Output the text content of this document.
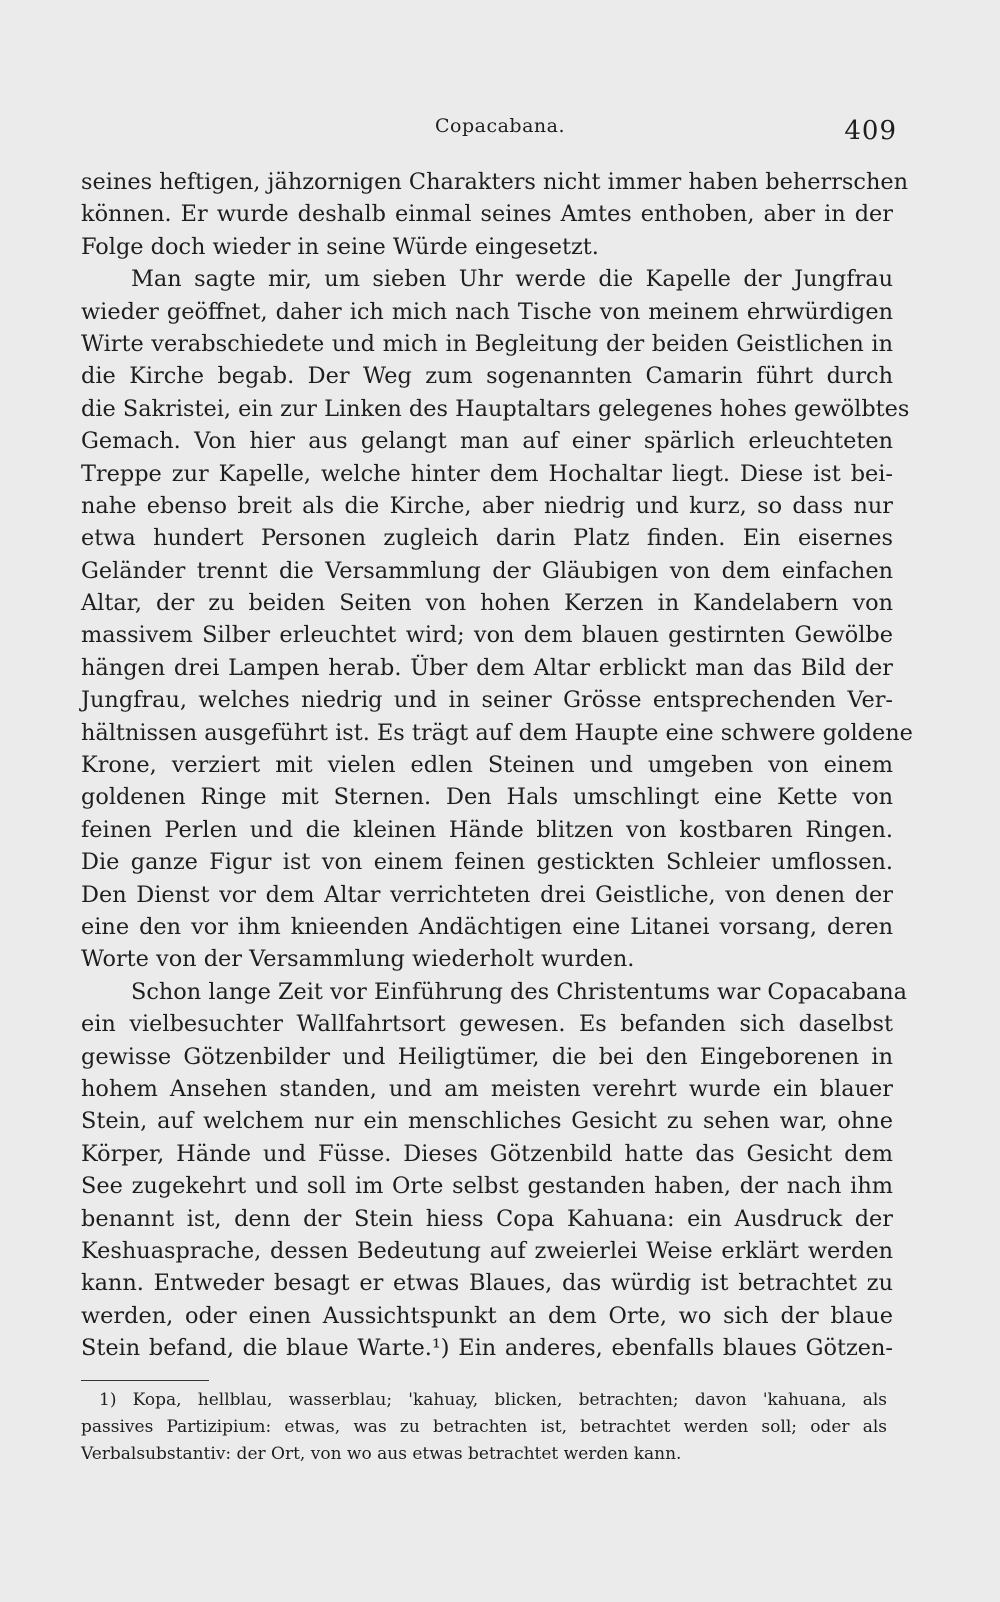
Copacabana.	409
seines heftigen, jähzornigen Charakters nicht immer haben beherrschen
können. Er wurde deshalb einmal seines Amtes enthoben, aber in der
Folge doch wieder in seine Würde eingesetzt.
Man sagte mir, um sieben Uhr werde die Kapelle der Jungfrau
wieder geöffnet, daher ich mich nach Tische von meinem ehrwürdigen
Wirte verabschiedete und mich in Begleitung der beiden Geistlichen in
die Kirche begab. Der Weg zum sogenannten Camarin führt durch
die Sakristei, ein zur Linken des Hauptaltars gelegenes hohes gewölbtes
Gemach. Von hier aus gelangt man auf einer spärlich erleuchteten
Treppe zur Kapelle, welche hinter dem Hochaltar liegt. Diese ist bei-
nahe ebenso breit als die Kirche, aber niedrig und kurz, so dass nur
etwa hundert Personen zugleich darin Platz finden. Ein eisernes
Geländer trennt die Versammlung der Gläubigen von dem einfachen
Altar, der zu beiden Seiten von hohen Kerzen in Kandelabern von
massivem Silber erleuchtet wird; von dem blauen gestirnten Gewölbe
hängen drei Lampen herab. Über dem Altar erblickt man das Bild der
Jungfrau, welches niedrig und in seiner Grösse entsprechenden Ver-
hältnissen ausgeführt ist. Es trägt auf dem Haupte eine schwere goldene
Krone, verziert mit vielen edlen Steinen und umgeben von einem
goldenen Ringe mit Sternen. Den Hals umschlingt eine Kette von
feinen Perlen und die kleinen Hände blitzen von kostbaren Ringen.
Die ganze Figur ist von einem feinen gestickten Schleier umflossen.
Den Dienst vor dem Altar verrichteten drei Geistliche, von denen der
eine den vor ihm knieenden Andächtigen eine Litanei vorsang, deren
Worte von der Versammlung wiederholt wurden.
Schon lange Zeit vor Einführung des Christentums war Copacabana
ein vielbesuchter Wallfahrtsort gewesen. Es befanden sich daselbst
gewisse Götzenbilder und Heiligtümer, die bei den Eingeborenen in
hohem Ansehen standen, und am meisten verehrt wurde ein blauer
Stein, auf welchem nur ein menschliches Gesicht zu sehen war, ohne
Körper, Hände und Füsse. Dieses Götzenbild hatte das Gesicht dem
See zugekehrt und soll im Orte selbst gestanden haben, der nach ihm
benannt ist, denn der Stein hiess Copa Kahuana: ein Ausdruck der
Keshuasprache, dessen Bedeutung auf zweierlei Weise erklärt werden
kann. Entweder besagt er etwas Blaues, das würdig ist betrachtet zu
werden, oder einen Aussichtspunkt an dem Orte, wo sich der blaue
Stein befand, die blaue Warte.¹) Ein anderes, ebenfalls blaues Götzen-
1) Kopa, hellblau, wasserblau; 'kahuay, blicken, betrachten; davon 'kahuana, als
passives Partizipium: etwas, was zu betrachten ist, betrachtet werden soll; oder als
Verbalsubstantiv: der Ort, von wo aus etwas betrachtet werden kann.
